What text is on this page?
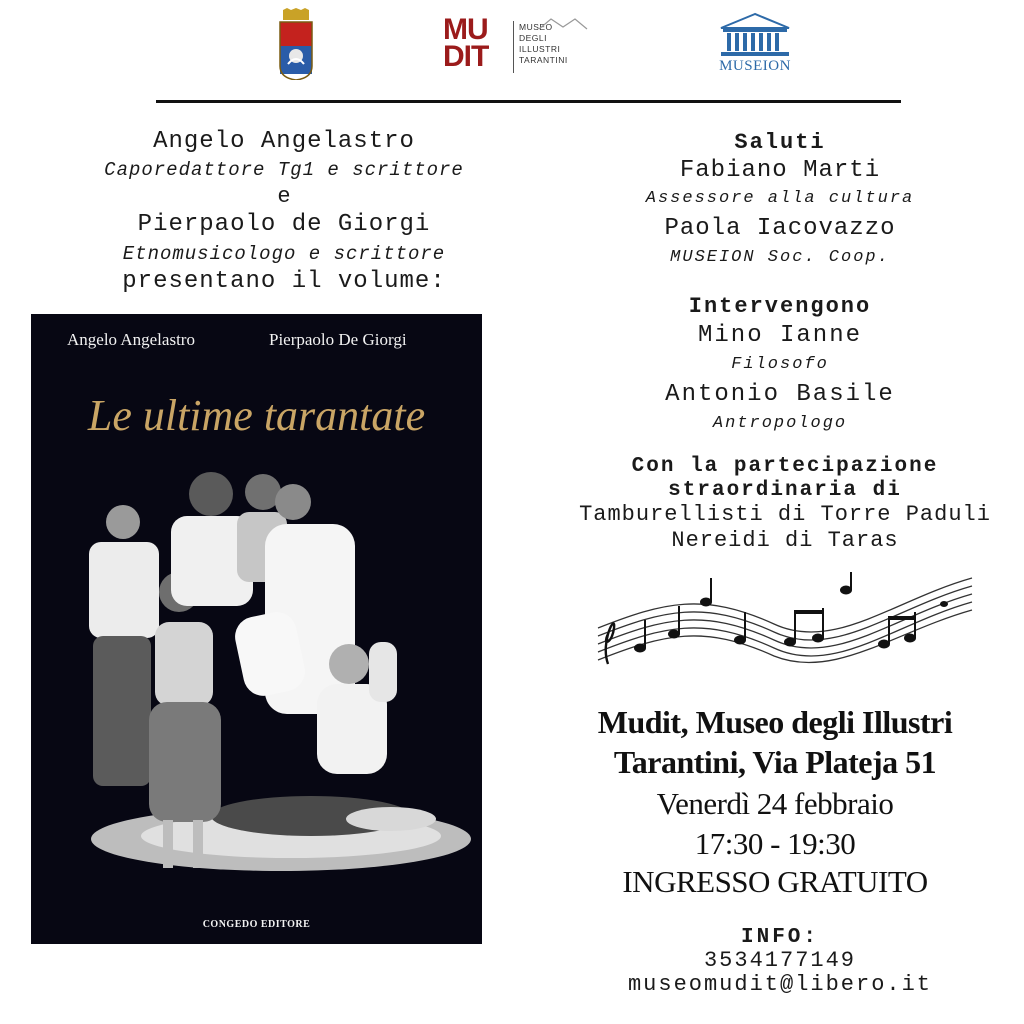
MU
DIT
MUSEO
DEGLI
ILLUSTRI
TARANTINI	MUSEION
Angelo Angelastro
Caporedattore Tg1 e scrittore
e
Pierpaolo de Giorgi
Etnomusicologo e scrittore
presentano il volume:
Angelo Angelastro	Pierpaolo De Giorgi
Le ultime tarantate
CONGEDO EDITORE
Saluti
Fabiano Marti
Assessore alla cultura
Paola Iacovazzo
MUSEION Soc. Coop.
Intervengono
Mino Ianne
Filosofo
Antonio Basile
Antropologo
Con la partecipazione
straordinaria di
Tamburellisti di Torre Paduli
Nereidi di Taras
Mudit, Museo degli Illustri
Tarantini, Via Plateja 51
Venerdì 24 febbraio
17:30 - 19:30
INGRESSO GRATUITO
INFO:
3534177149
museomudit@libero.it
